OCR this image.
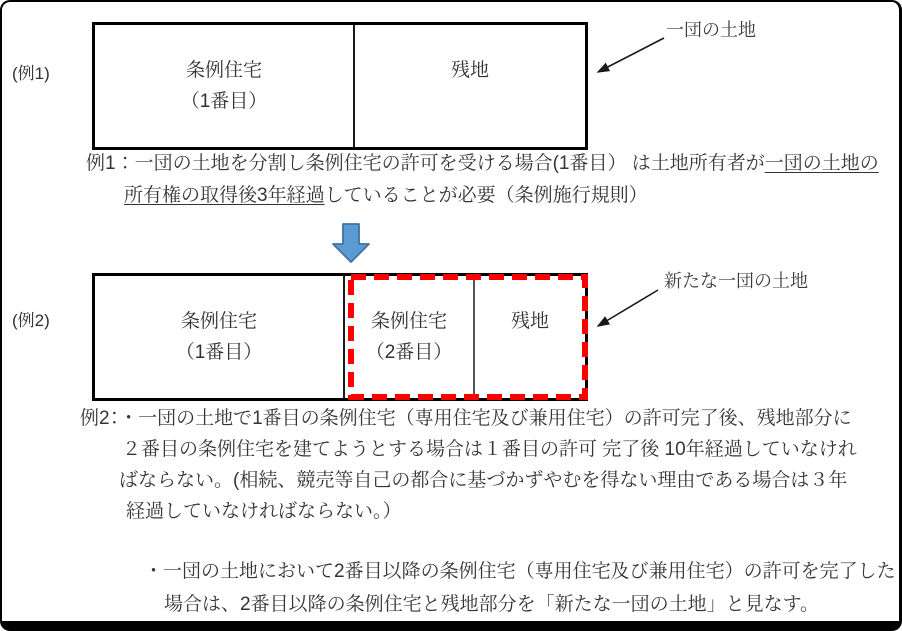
(例1)	条例住宅
（1番目）
残地
一団の土地
例1：一団の土地を分割し条例住宅の許可を受ける場合(1番目） は土地所有者が一団の土地の
所有権の取得後3年経過していることが必要（条例施行規則）
(例2)	条例住宅
（1番目）
条例住宅
（2番目）
残地
新たな一団の土地
例2：・一団の土地で1番目の条例住宅（専用住宅及び兼用住宅）の許可完了後、残地部分に
２番目の条例住宅を建てようとする場合は１番目の許可 完了後 10年経過していなけれ
ばならない。(相続、競売等自己の都合に基づかずやむを得ない理由である場合は３年
経過していなければならない。）
・一団の土地において2番目以降の条例住宅（専用住宅及び兼用住宅）の許可を完了した
場合は、2番目以降の条例住宅と残地部分を「新たな一団の土地」と見なす。
